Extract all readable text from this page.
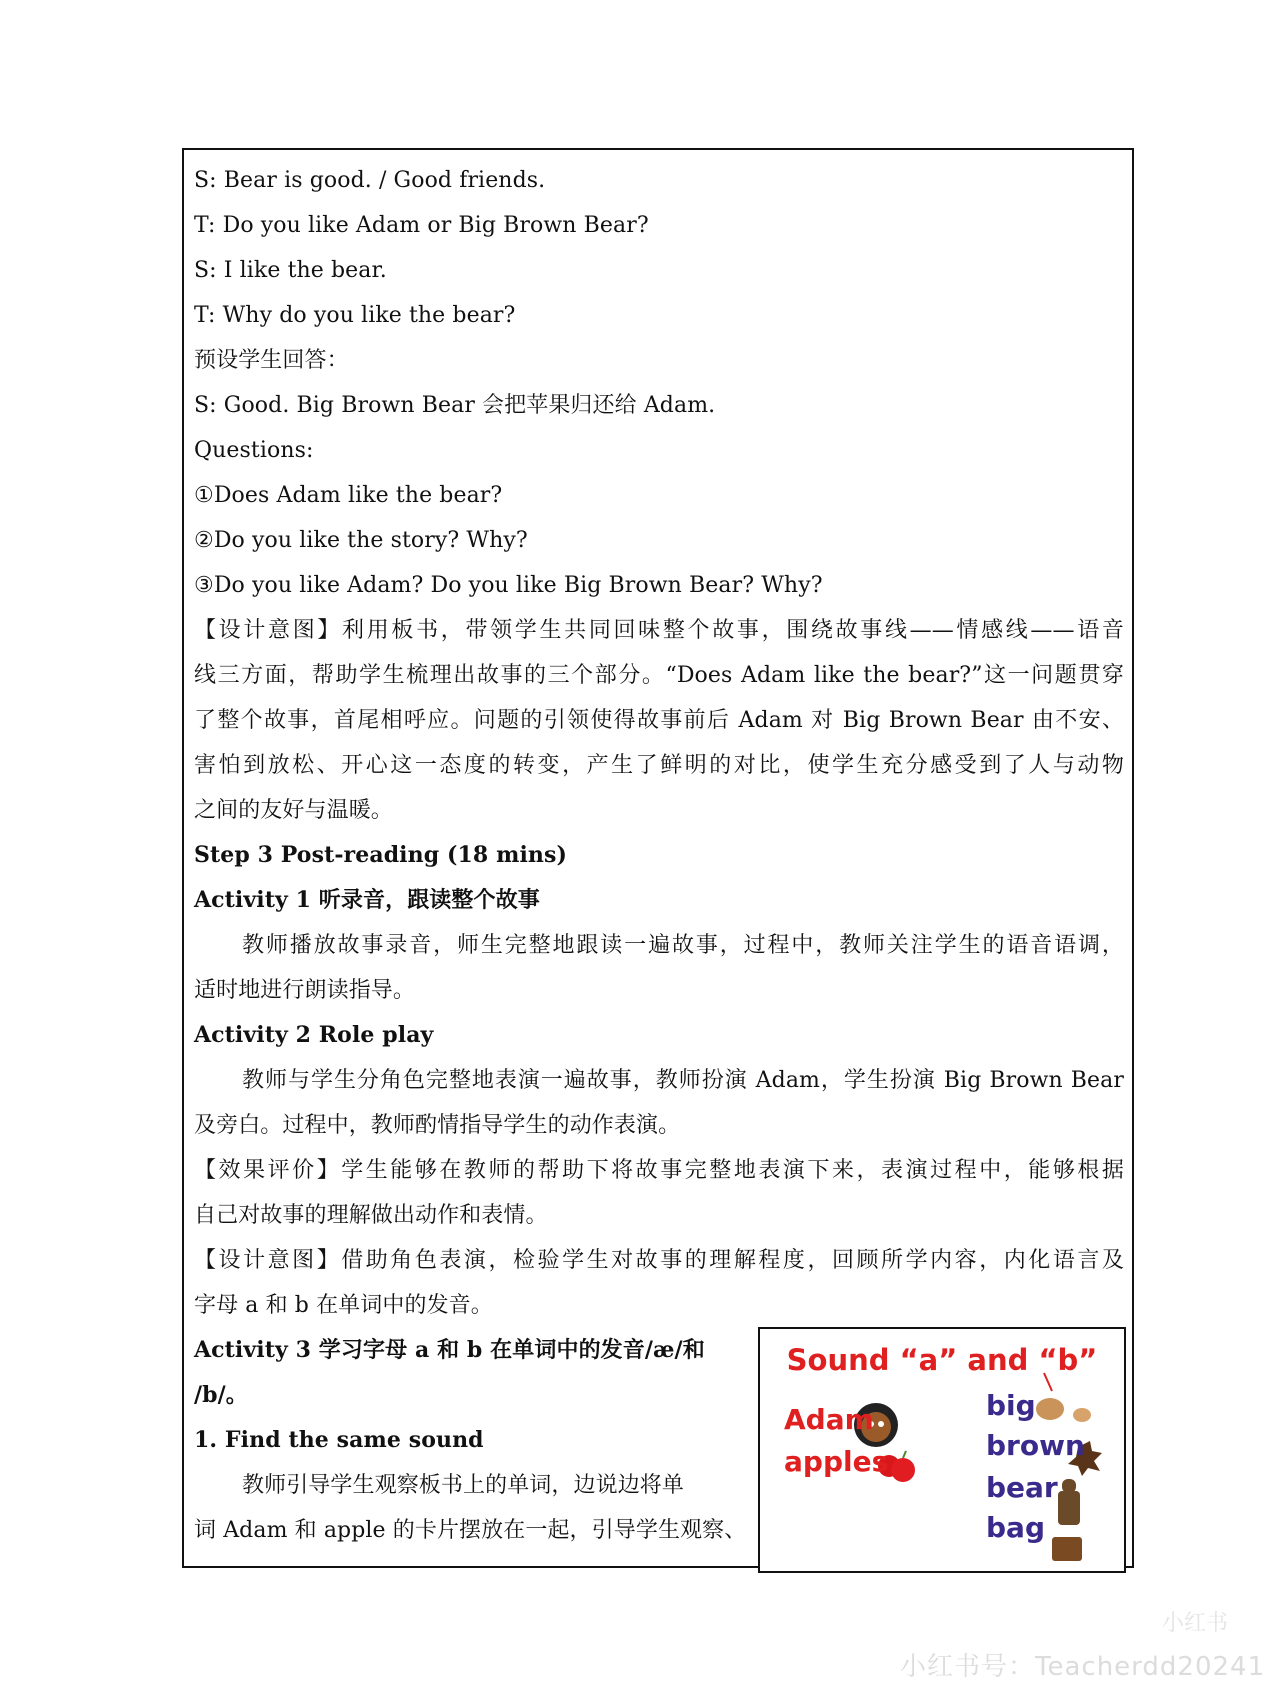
S: Bear is good. / Good friends.
T: Do you like Adam or Big Brown Bear?
S: I like the bear.
T: Why do you like the bear?
预设学生回答：
S: Good. Big Brown Bear 会把苹果归还给 Adam.
Questions:
①Does Adam like the bear?
②Do you like the story? Why?
③Do you like Adam? Do you like Big Brown Bear? Why?
【设计意图】利用板书，带领学生共同回味整个故事，围绕故事线——情感线——语音
线三方面，帮助学生梳理出故事的三个部分。“Does Adam like the bear?”这一问题贯穿
了整个故事，首尾相呼应。问题的引领使得故事前后 Adam 对 Big Brown Bear 由不安、
害怕到放松、开心这一态度的转变，产生了鲜明的对比，使学生充分感受到了人与动物
之间的友好与温暖。
Step 3 Post-reading (18 mins)
Activity 1 听录音，跟读整个故事
教师播放故事录音，师生完整地跟读一遍故事，过程中，教师关注学生的语音语调，
适时地进行朗读指导。
Activity 2 Role play
教师与学生分角色完整地表演一遍故事，教师扮演 Adam，学生扮演 Big Brown Bear
及旁白。过程中，教师酌情指导学生的动作表演。
【效果评价】学生能够在教师的帮助下将故事完整地表演下来，表演过程中，能够根据
自己对故事的理解做出动作和表情。
【设计意图】借助角色表演，检验学生对故事的理解程度，回顾所学内容，内化语言及
字母 a 和 b 在单词中的发音。
Activity 3 学习字母 a 和 b 在单词中的发音/æ/和
/b/。
1. Find the same sound
教师引导学生观察板书上的单词，边说边将单
词 Adam 和 apple 的卡片摆放在一起，引导学生观察、
Sound “a” and “b”
Adam
apples
big
brown
bear
bag
小红书
小红书号：Teacherdd20241
